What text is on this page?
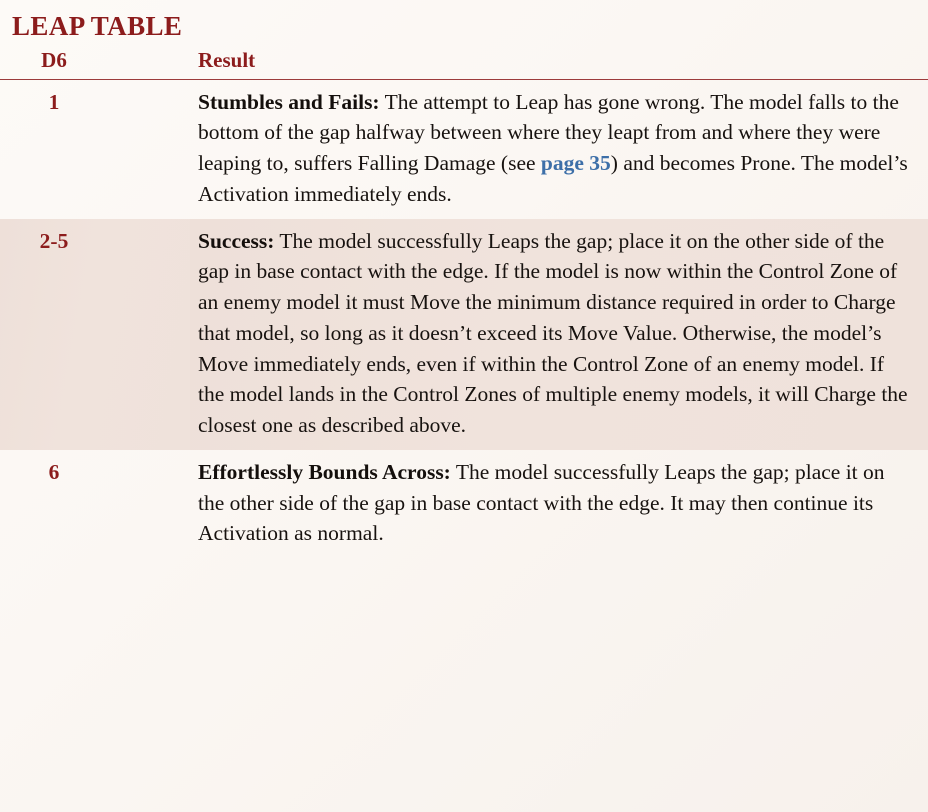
LEAP TABLE
D6	Result
1	Stumbles and Fails: The attempt to Leap has gone wrong. The model falls to the bottom of the gap halfway between where they leapt from and where they were leaping to, suffers Falling Damage (see page 35) and becomes Prone. The model’s Activation immediately ends.
2-5	Success: The model successfully Leaps the gap; place it on the other side of the gap in base contact with the edge. If the model is now within the Control Zone of an enemy model it must Move the minimum distance required in order to Charge that model, so long as it doesn’t exceed its Move Value. Otherwise, the model’s Move immediately ends, even if within the Control Zone of an enemy model. If the model lands in the Control Zones of multiple enemy models, it will Charge the closest one as described above.
6	Effortlessly Bounds Across: The model successfully Leaps the gap; place it on the other side of the gap in base contact with the edge. It may then continue its Activation as normal.
